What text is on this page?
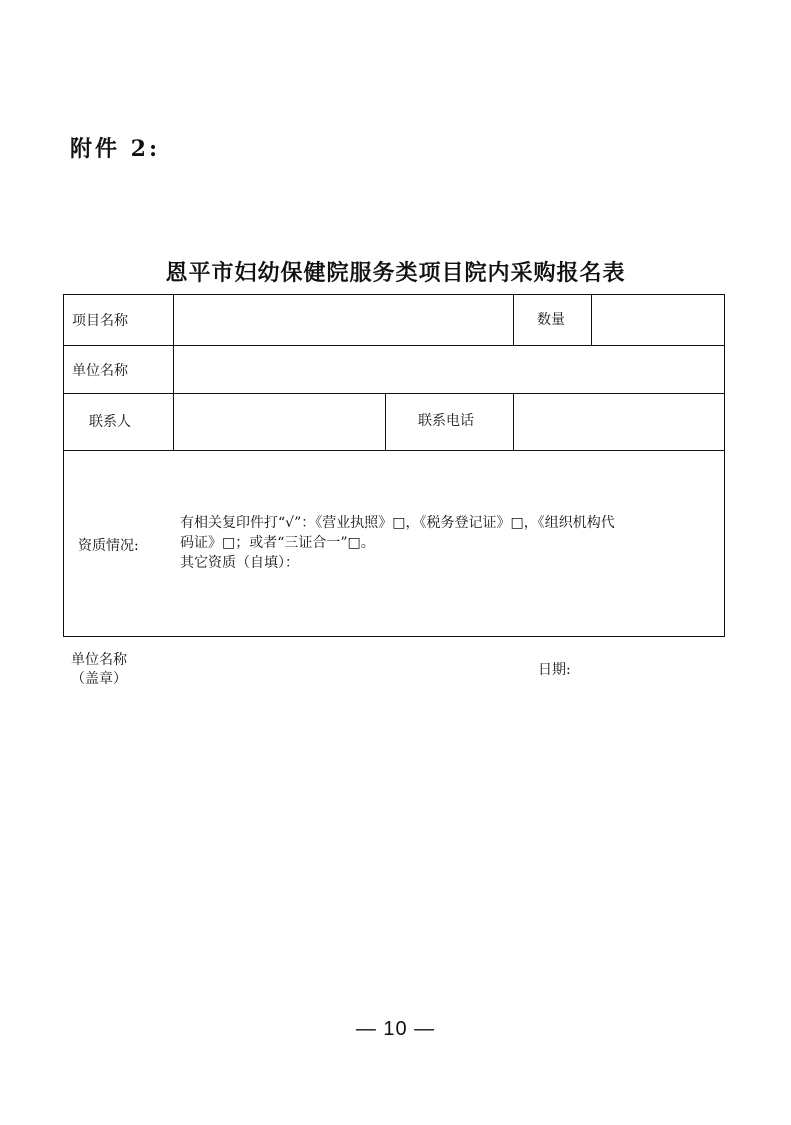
附件 2:
恩平市妇幼保健院服务类项目院内采购报名表
项目名称	数量
单位名称
联系人	联系电话
资质情况:
有相关复印件打“√”：《营业执照》□，《税务登记证》□，《组织机构代
码证》□；或者“三证合一”□。
其它资质（自填）：
单位名称
（盖章）
日期:
— 10 —
